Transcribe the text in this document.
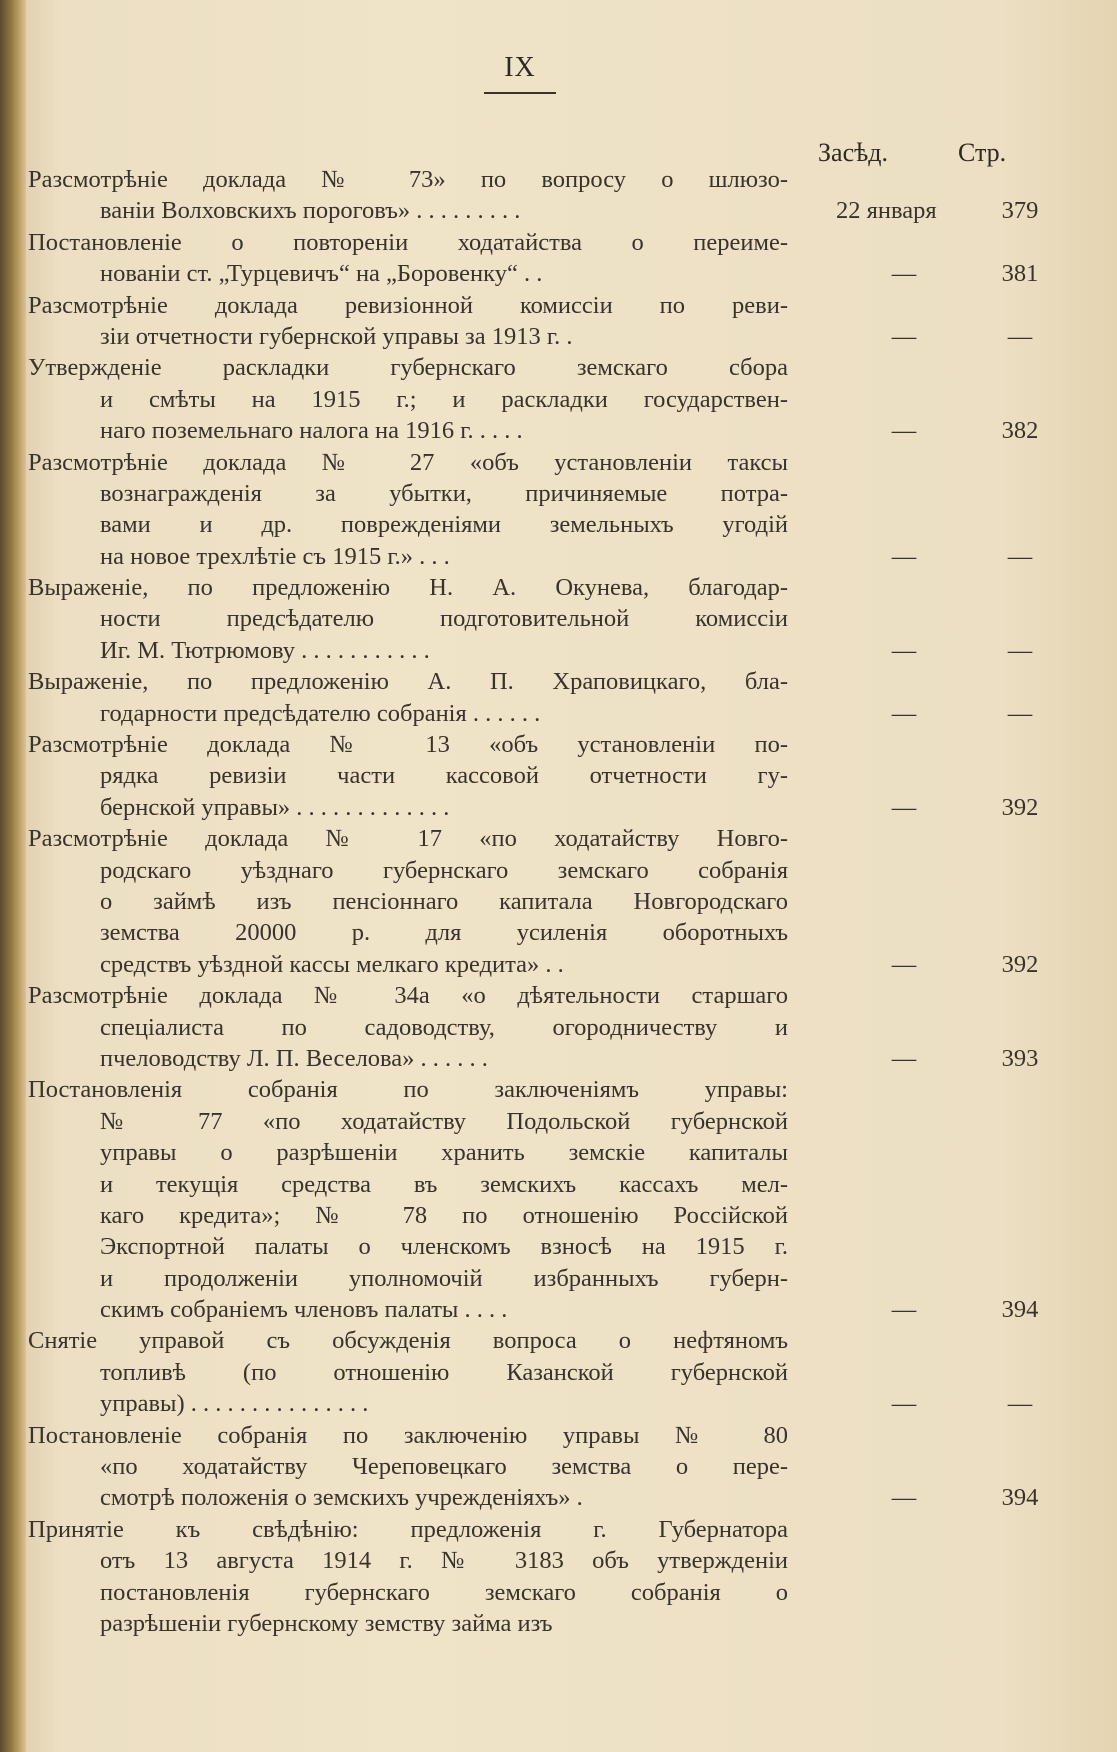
IX
Засѣд.	Стр.
Разсмотрѣніе доклада № 73» по вопросу о шлюзо-
ваніи Волховскихъ пороговъ» . . . . . . . . .	22 января	379
Постановленіе о повтореніи ходатайства о переиме-
нованіи ст. „Турцевичъ“ на „Боровенку“ . .	—	381
Разсмотрѣніе доклада ревизіонной комиссіи по реви-
зіи отчетности губернской управы за 1913 г. .	—	—
Утвержденіе раскладки губернскаго земскаго сбора
и смѣты на 1915 г.; и раскладки государствен-
наго поземельнаго налога на 1916 г. . . . .	—	382
Разсмотрѣніе доклада № 27 «объ установленіи таксы
вознагражденія за убытки, причиняемые потра-
вами и др. поврежденіями земельныхъ угодій
на новое трехлѣтіе съ 1915 г.» . . .	—	—
Выраженіе, по предложенію Н. А. Окунева, благодар-
ности предсѣдателю подготовительной комиссіи
Иг. М. Тютрюмову . . . . . . . . . . .	—	—
Выраженіе, по предложенію А. П. Храповицкаго, бла-
годарности предсѣдателю собранія . . . . . .	—	—
Разсмотрѣніе доклада № 13 «объ установленіи по-
рядка ревизіи части кассовой отчетности гу-
бернской управы» . . . . . . . . . . . . .	—	392
Разсмотрѣніе доклада № 17 «по ходатайству Новго-
родскаго уѣзднаго губернскаго земскаго собранія
о займѣ изъ пенсіоннаго капитала Новгородскаго
земства 20000 р. для усиленія оборотныхъ
средствъ уѣздной кассы мелкаго кредита» . .	—	392
Разсмотрѣніе доклада № 34а «о дѣятельности старшаго
спеціалиста по садоводству, огородничеству и
пчеловодству Л. П. Веселова» . . . . . .	—	393
Постановленія собранія по заключеніямъ управы:
№ 77 «по ходатайству Подольской губернской
управы о разрѣшеніи хранить земскіе капиталы
и текущія средства въ земскихъ кассахъ мел-
каго кредита»; № 78 по отношенію Россійской
Экспортной палаты о членскомъ взносѣ на 1915 г.
и продолженіи уполномочій избранныхъ губерн-
скимъ собраніемъ членовъ палаты . . . .	—	394
Снятіе управой съ обсужденія вопроса о нефтяномъ
топливѣ (по отношенію Казанской губернской
управы) . . . . . . . . . . . . . . .	—	—
Постановленіе собранія по заключенію управы № 80
«по ходатайству Череповецкаго земства о пере-
смотрѣ положенія о земскихъ учрежденіяхъ» .	—	394
Принятіе къ свѣдѣнію: предложенія г. Губернатора
отъ 13 августа 1914 г. № 3183 объ утвержденіи
постановленія губернскаго земскаго собранія о
разрѣшеніи губернскому земству займа изъ
